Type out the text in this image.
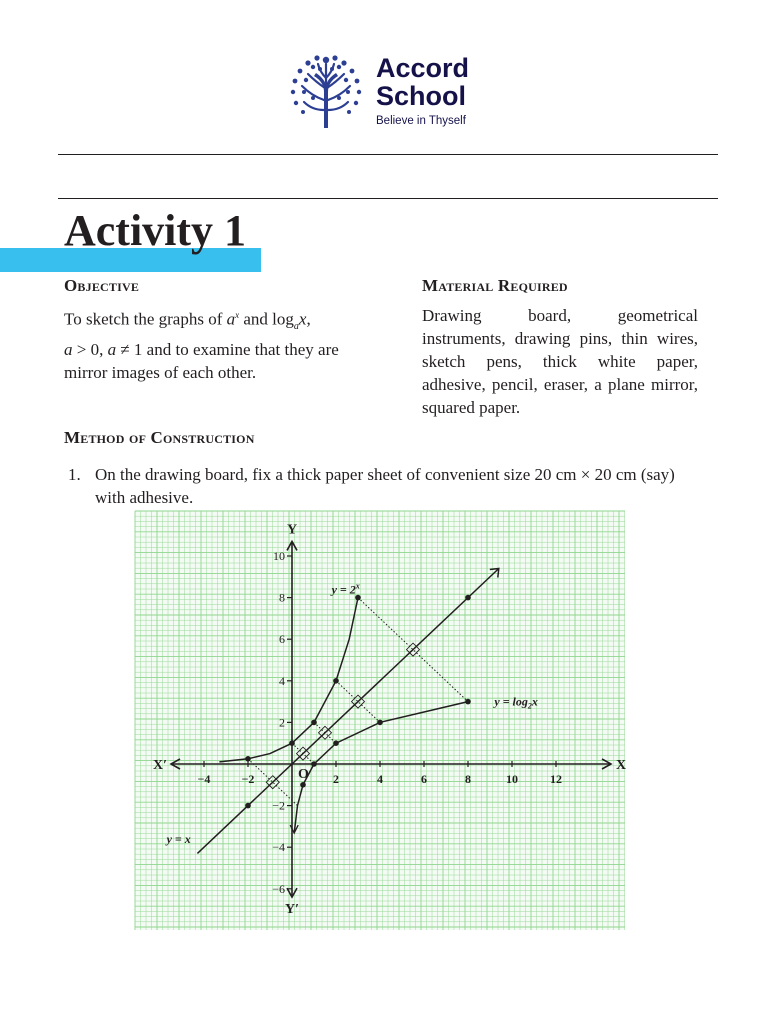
Accord
School
Believe in Thyself
Activity 1
Objective
To sketch the graphs of $a^x$ and $\log_ax$,
a > 0, a ≠ 1 and to examine that they are mirror images of each other.
Material Required
Drawing board, geometrical instruments, drawing pins, thin wires, sketch pens, thick white paper, adhesive, pencil, eraser, a plane mirror, squared paper.
Method of Construction
1. On the drawing board, fix a thick paper sheet of convenient size 20 cm × 20 cm (say) with adhesive.
−4	−2	2	4	6	8	10	12
10
8
6
4
2
−2
−4
−6
X
X′
Y
Y′
O
$y = 2^x$
$y = \log_2x$
y = x
